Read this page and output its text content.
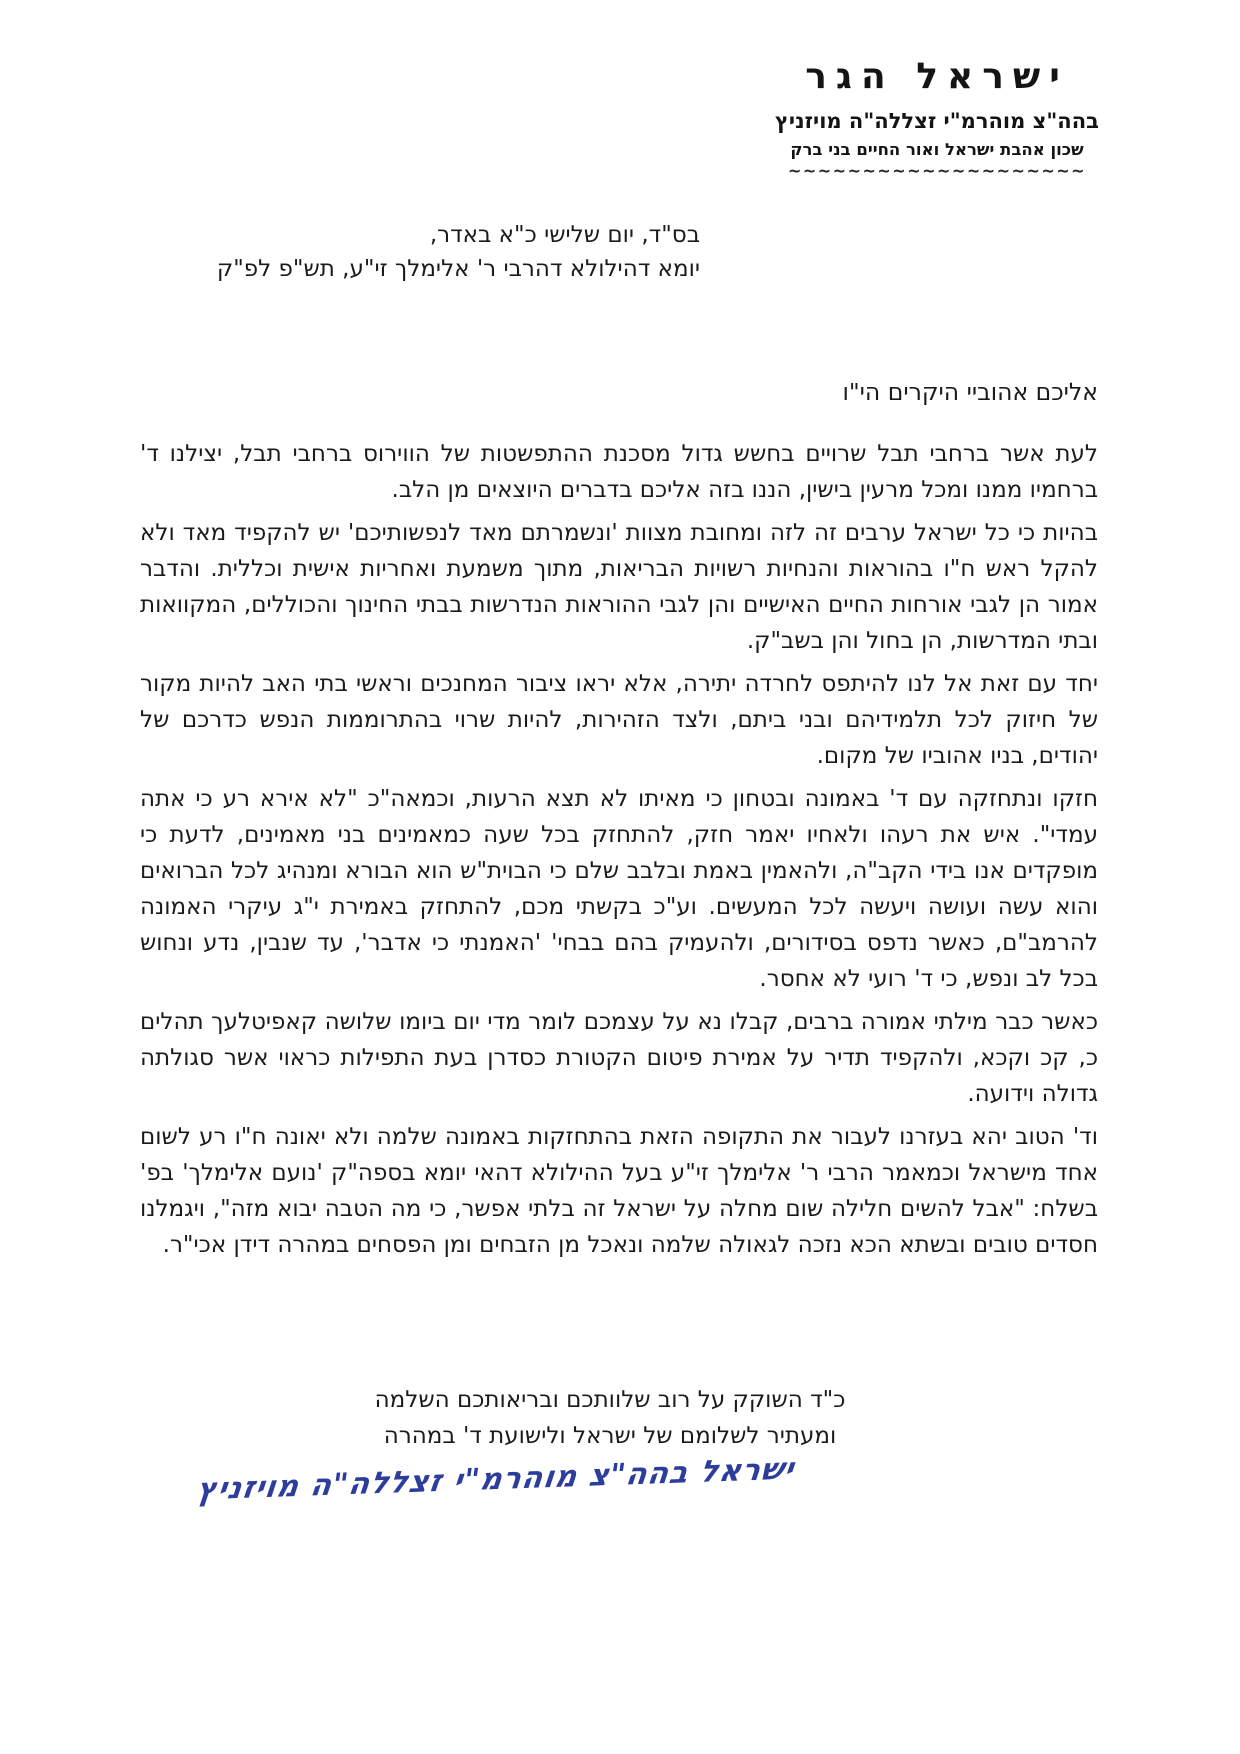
ישראל הגר
בהה"צ מוהרמ"י זצללה"ה מויזניץ
שכון אהבת ישראל ואור החיים בני ברק
~~~~~~~~~~~~~~~~~~~~
בס"ד, יום שלישי כ"א באדר,
יומא דהילולא דהרבי ר' אלימלך זי"ע, תש"פ לפ"ק
אליכם אהוביי היקרים הי"ו

לעת אשר ברחבי תבל שרויים בחשש גדול מסכנת ההתפשטות של הווירוס ברחבי תבל, יצילנו ד' ברחמיו ממנו ומכל מרעין בישין, הננו בזה אליכם בדברים היוצאים מן הלב.

בהיות כי כל ישראל ערבים זה לזה ומחובת מצוות 'ונשמרתם מאד לנפשותיכם' יש להקפיד מאד ולא להקל ראש ח"ו בהוראות והנחיות רשויות הבריאות, מתוך משמעת ואחריות אישית וכללית. והדבר אמור הן לגבי אורחות החיים האישיים והן לגבי ההוראות הנדרשות בבתי החינוך והכוללים, המקוואות ובתי המדרשות, הן בחול והן בשב"ק.

יחד עם זאת אל לנו להיתפס לחרדה יתירה, אלא יראו ציבור המחנכים וראשי בתי האב להיות מקור של חיזוק לכל תלמידיהם ובני ביתם, ולצד הזהירות, להיות שרוי בהתרוממות הנפש כדרכם של יהודים, בניו אהוביו של מקום.

חזקו ונתחזקה עם ד' באמונה ובטחון כי מאיתו לא תצא הרעות, וכמאה"כ "לא אירא רע כי אתה עמדי". איש את רעהו ולאחיו יאמר חזק, להתחזק בכל שעה כמאמינים בני מאמינים, לדעת כי מופקדים אנו בידי הקב"ה, ולהאמין באמת ובלבב שלם כי הבוית"ש הוא הבורא ומנהיג לכל הברואים והוא עשה ועושה ויעשה לכל המעשים. וע"כ בקשתי מכם, להתחזק באמירת י"ג עיקרי האמונה להרמב"ם, כאשר נדפס בסידורים, ולהעמיק בהם בבחי' 'האמנתי כי אדבר', עד שנבין, נדע ונחוש בכל לב ונפש, כי ד' רועי לא אחסר.

כאשר כבר מילתי אמורה ברבים, קבלו נא על עצמכם לומר מדי יום ביומו שלושה קאפיטלעך תהלים כ, קכ וקכא, ולהקפיד תדיר על אמירת פיטום הקטורת כסדרן בעת התפילות כראוי אשר סגולתה גדולה וידועה.

וד' הטוב יהא בעזרנו לעבור את התקופה הזאת בהתחזקות באמונה שלמה ולא יאונה ח"ו רע לשום אחד מישראל וכמאמר הרבי ר' אלימלך זי"ע בעל ההילולא דהאי יומא בספה"ק 'נועם אלימלך' בפ' בשלח: "אבל להשים חלילה שום מחלה על ישראל זה בלתי אפשר, כי מה הטבה יבוא מזה", ויגמלנו חסדים טובים ובשתא הכא נזכה לגאולה שלמה ונאכל מן הזבחים ומן הפסחים במהרה דידן אכי"ר.

כ"ד השוקק על רוב שלוותכם ובריאותכם השלמה
ומעתיר לשלומם של ישראל ולישועת ד' במהרה
ישראל בהה"צ מוהרמ"י זצללה"ה מויזניץ
